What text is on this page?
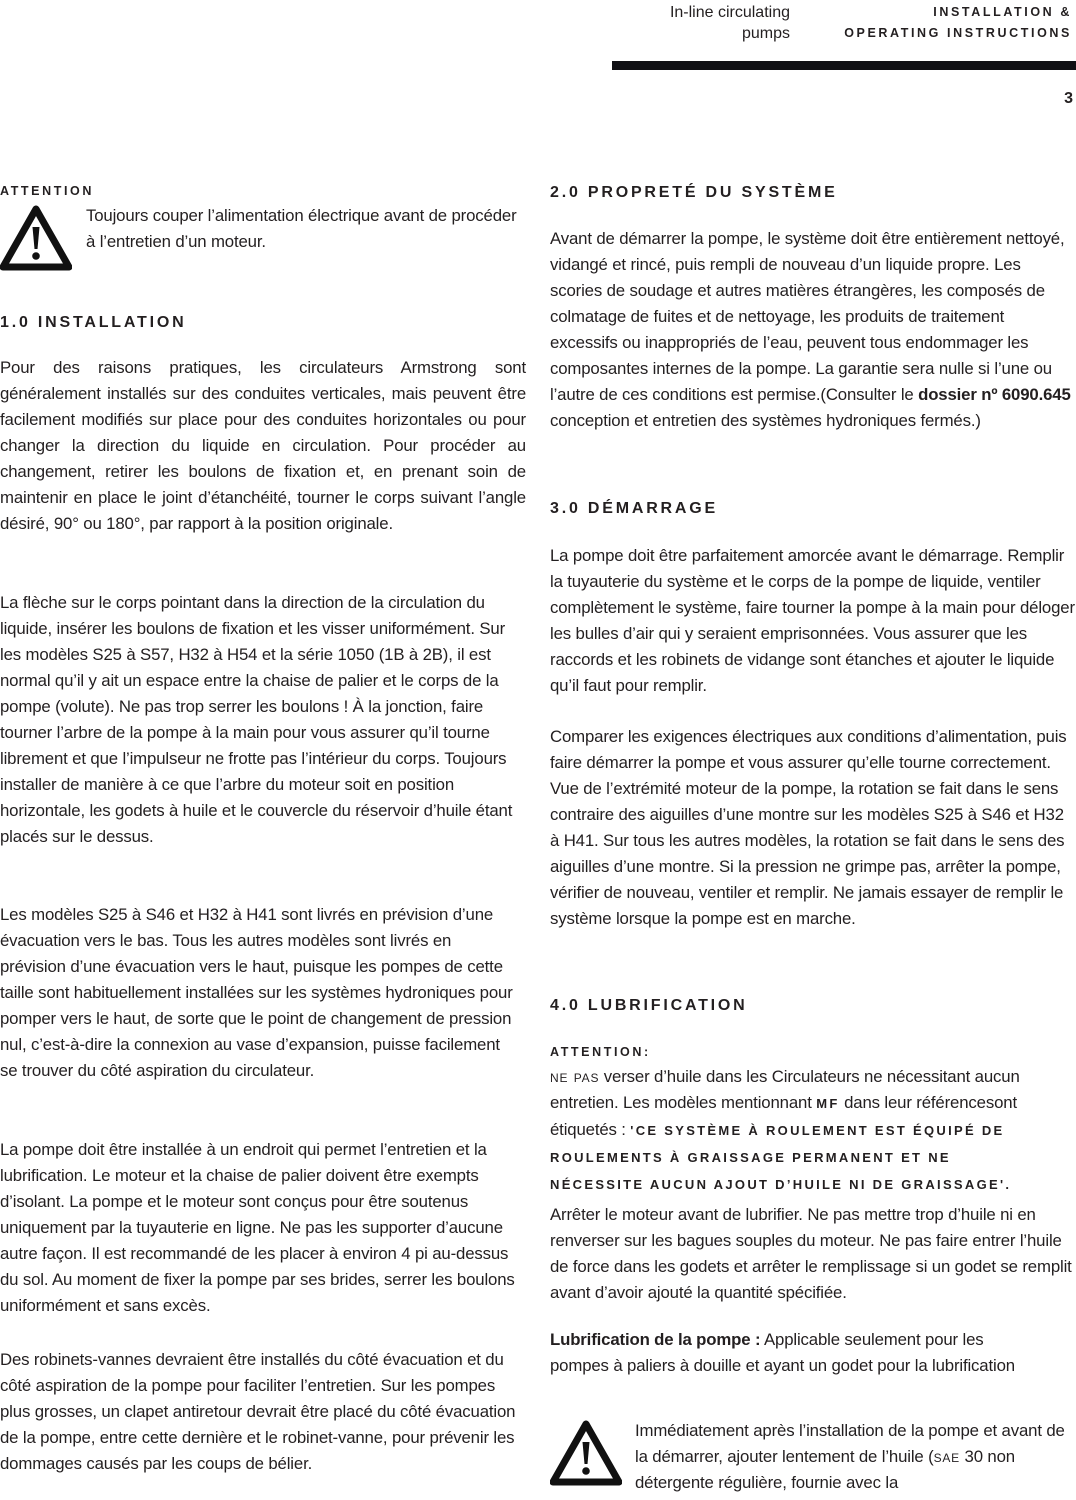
In-line circulating
pumps
INSTALLATION &
OPERATING INSTRUCTIONS
3
ATTENTION

Toujours couper l’alimentation électrique avant de procéder à l’entretien d’un moteur.

1.0 INSTALLATION

Pour des raisons pratiques, les circulateurs Armstrong sont généralement installés sur des conduites verticales, mais peuvent être facilement modifiés sur place pour des conduites horizontales ou pour changer la direction du liquide en circulation. Pour procéder au changement, retirer les boulons de fixation et, en prenant soin de maintenir en place le joint d’étanchéité, tourner le corps suivant l’angle désiré, 90° ou 180°, par rapport à la position originale.

La flèche sur le corps pointant dans la direction de la circulation du liquide, insérer les boulons de fixation et les visser uniformément. Sur les modèles S25 à S57, H32 à H54 et la série 1050 (1B à 2B), il est normal qu’il y ait un espace entre la chaise de palier et le corps de la pompe (volute). Ne pas trop serrer les boulons ! À la jonction, faire tourner l’arbre de la pompe à la main pour vous assurer qu’il tourne librement et que l’impulseur ne frotte pas l’intérieur du corps. Toujours installer de manière à ce que l’arbre du moteur soit en position horizontale, les godets à huile et le couvercle du réservoir d’huile étant placés sur le dessus.

Les modèles S25 à S46 et H32 à H41 sont livrés en prévision d’une évacuation vers le bas. Tous les autres modèles sont livrés en prévision d’une évacuation vers le haut, puisque les pompes de cette taille sont habituellement installées sur les systèmes hydroniques pour pomper vers le haut, de sorte que le point de changement de pression nul, c’est-à-dire la connexion au vase d’expansion, puisse facilement se trouver du côté aspiration du circulateur.

La pompe doit être installée à un endroit qui permet l’entretien et la lubrification. Le moteur et la chaise de palier doivent être exempts d’isolant. La pompe et le moteur sont conçus pour être soutenus uniquement par la tuyauterie en ligne. Ne pas les supporter d’aucune autre façon. Il est recommandé de les placer à environ 4 pi au-dessus du sol. Au moment de fixer la pompe par ses brides, serrer les boulons uniformément et sans excès.

Des robinets-vannes devraient être installés du côté évacuation et du côté aspiration de la pompe pour faciliter l’entretien. Sur les pompes plus grosses, un clapet antiretour devrait être placé du côté évacuation de la pompe, entre cette dernière et le robinet-vanne, pour prévenir les dommages causés par les coups de bélier.

2.0 PROPRETÉ DU SYSTÈME

Avant de démarrer la pompe, le système doit être entièrement nettoyé, vidangé et rincé, puis rempli de nouveau d’un liquide propre. Les scories de soudage et autres matières étrangères, les composés de colmatage de fuites et de nettoyage, les produits de traitement excessifs ou inappropriés de l’eau, peuvent tous endommager les composantes internes de la pompe. La garantie sera nulle si l’une ou l’autre de ces conditions est permise.(Consulter le dossier nº 6090.645 conception et entretien des systèmes hydroniques fermés.)

3.0 DÉMARRAGE

La pompe doit être parfaitement amorcée avant le démarrage. Remplir la tuyauterie du système et le corps de la pompe de liquide, ventiler complètement le système, faire tourner la pompe à la main pour déloger les bulles d’air qui y seraient emprisonnées. Vous assurer que les raccords et les robinets de vidange sont étanches et ajouter le liquide qu’il faut pour remplir.

Comparer les exigences électriques aux conditions d’alimentation, puis faire démarrer la pompe et vous assurer qu’elle tourne correctement. Vue de l’extrémité moteur de la pompe, la rotation se fait dans le sens contraire des aiguilles d’une montre sur les modèles S25 à S46 et H32 à H41. Sur tous les autres modèles, la rotation se fait dans le sens des aiguilles d’une montre. Si la pression ne grimpe pas, arrêter la pompe, vérifier de nouveau, ventiler et remplir. Ne jamais essayer de remplir le système lorsque la pompe est en marche.

4.0 LUBRIFICATION
ATTENTION:

ne pas verser d’huile dans les Circulateurs ne nécessitant aucun entretien. Les modèles mentionnant MF dans leur référencesont étiquetés : 'CE SYSTÈME À ROULEMENT EST ÉQUIPÉ DE ROULEMENTS À GRAISSAGE PERMANENT ET NE NÉCESSITE AUCUN AJOUT D’HUILE NI DE GRAISSAGE'.

Arrêter le moteur avant de lubrifier. Ne pas mettre trop d’huile ni en renverser sur les bagues souples du moteur. Ne pas faire entrer l’huile de force dans les godets et arrêter le remplissage si un godet se remplit avant d’avoir ajouté la quantité spécifiée.

Lubrification de la pompe : Applicable seulement pour les pompes à paliers à douille et ayant un godet pour la lubrification

Immédiatement après l’installation de la pompe et avant de la démarrer, ajouter lentement de l’huile (sae 30 non détergente régulière, fournie avec la
